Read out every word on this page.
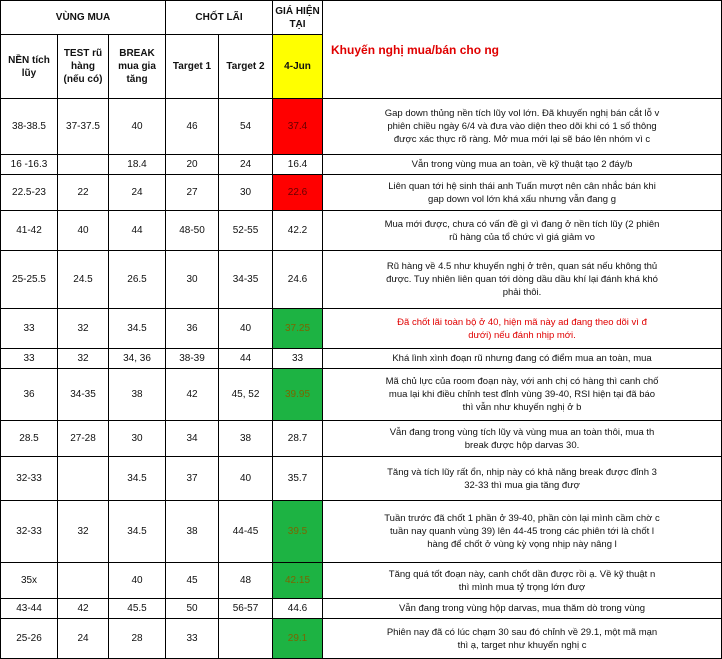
VÙNG MUA			CHỐT LÃI		GIÁ HIỆN TẠI	Khuyến nghị mua/bán cho ng
NỀN tích lũy	TEST rũ hàng (nếu có)	BREAK mua gia tăng	Target 1	Target 2	4-Jun	
38-38.5	37-37.5	40	46	54	37.4	Gap down thủng nền tích lũy vol lớn. Đã khuyến nghị bán cắt lỗ v
phiên chiều ngày 6/4 và đưa vào diện theo dõi khi có 1 số thông
được xác thực rõ ràng. Mở mua mới lại sẽ báo lên nhóm vì c

16 -16.3		18.4	20	24	16.4	Vẫn trong vùng mua an toàn, về kỹ thuật tạo 2 đáy/b

22.5-23	22	24	27	30	22.6	Liên quan tới hệ sinh thái anh Tuấn mượt nên cân nhắc bán khi
gap down vol lớn khá xấu nhưng vẫn đang g

41-42	40	44	48-50	52-55	42.2	Mua mới được, chưa có vấn đề gì vì đang ở nền tích lũy (2 phiên
rũ hàng của tổ chức vì giá giảm vo

25-25.5	24.5	26.5	30	34-35	24.6	Rũ hàng về 4.5 như khuyến nghị ở trên, quan sát nếu không thủ
được. Tuy nhiên liên quan tới dòng dầu dầu khí lại đánh khá khó
phải thôi.

33	32	34.5	36	40	37.25	Đã chốt lãi toàn bộ ở 40, hiện mã này ad đang theo dõi vì đ
dưới) nếu đánh nhịp mới.

33	32	34, 36	38-39	44	33	Khá lình xình đoạn rũ nhưng đang có điểm mua an toàn, mua

36	34-35	38	42	45, 52	39.95	Mã chủ lực của room đoạn này, với anh chị có hàng thì canh chố
mua lại khi điều chỉnh test đỉnh vùng 39-40, RSI hiện tại đã báo
thì vẫn như khuyến nghị ở b

28.5	27-28	30	34	38	28.7	Vẫn đang trong vùng tích lũy và vùng mua an toàn thôi, mua th
break được hộp darvas 30.

32-33		34.5	37	40	35.7	Tăng và tích lũy rất ổn, nhịp này có khả năng break được đỉnh 3
32-33 thì mua gia tăng đượ

32-33	32	34.5	38	44-45	39.5	Tuần trước đã chốt 1 phần ở 39-40, phần còn lại mình cầm chờ c
tuần nay quanh vùng 39) lên 44-45 trong các phiên tới là chốt l
hàng để chốt ở vùng kỳ vọng nhịp này nâng l

35x		40	45	48	42.15	Tăng quá tốt đoạn này, canh chốt dần được rồi ạ. Về kỹ thuật n
thì mình mua tỷ trọng lớn đượ

43-44	42	45.5	50	56-57	44.6	Vẫn đang trong vùng hộp darvas, mua thăm dò trong vùng

25-26	24	28	33		29.1	Phiên nay đã có lúc chạm 30 sau đó chỉnh về 29.1, một mã mạn
thì ạ, target như khuyến nghị c
